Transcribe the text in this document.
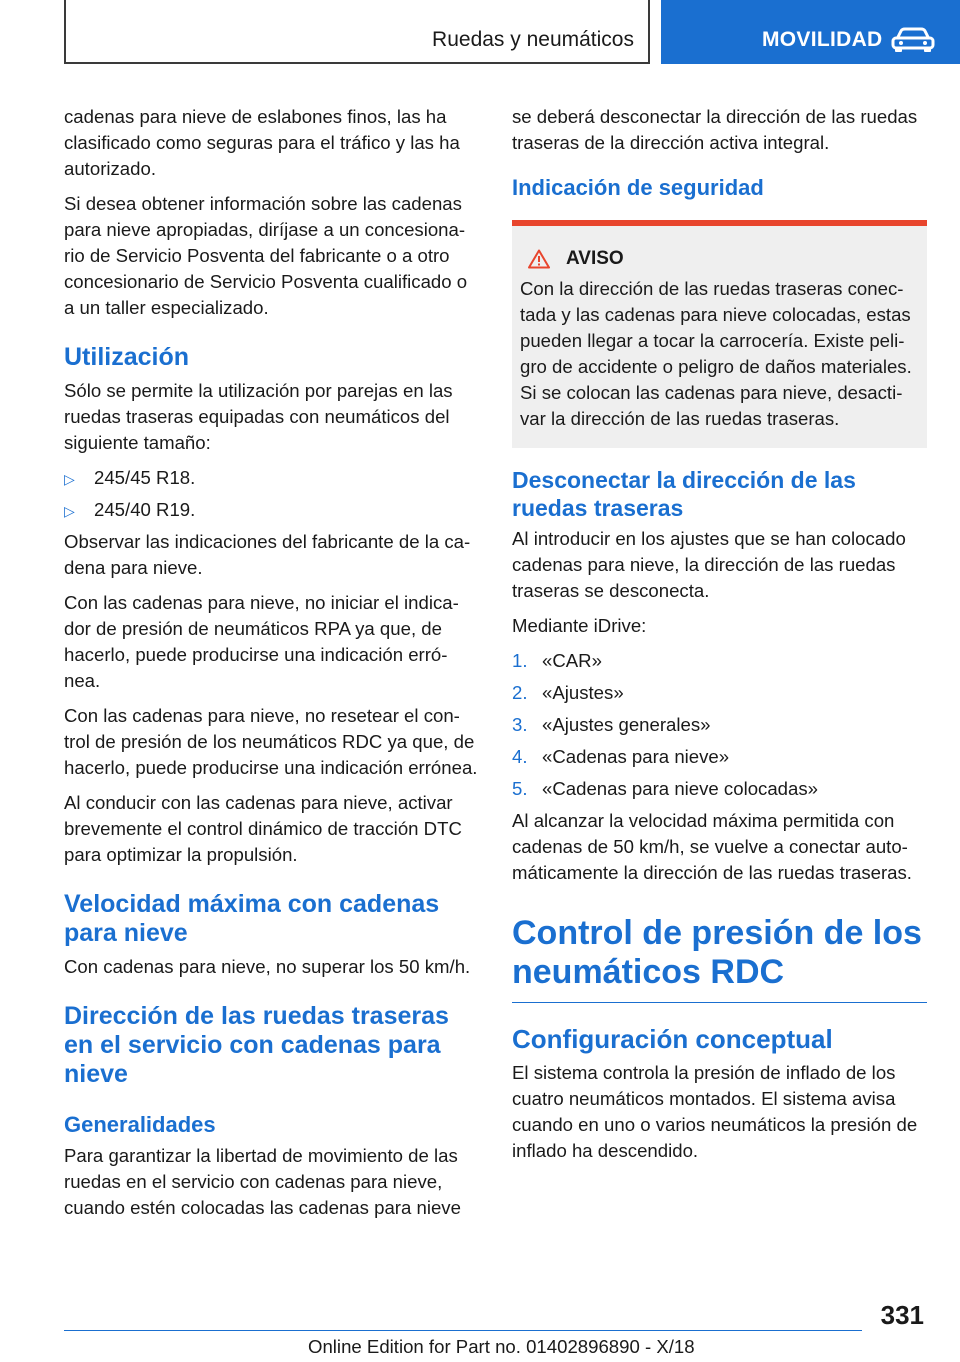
Ruedas y neumáticos	MOVILIDAD

cadenas para nieve de eslabones finos, las ha clasificado como seguras para el tráfico y las ha autorizado.

Si desea obtener información sobre las cadenas para nieve apropiadas, diríjase a un concesiona-rio de Servicio Posventa del fabricante o a otro concesionario de Servicio Posventa cualificado o a un taller especializado.

Utilización

Sólo se permite la utilización por parejas en las ruedas traseras equipadas con neumáticos del siguiente tamaño:

▷ 245/45 R18.
▷ 245/40 R19.

Observar las indicaciones del fabricante de la ca-dena para nieve.

Con las cadenas para nieve, no iniciar el indica-dor de presión de neumáticos RPA ya que, de hacerlo, puede producirse una indicación erró-nea.

Con las cadenas para nieve, no resetear el con-trol de presión de los neumáticos RDC ya que, de hacerlo, puede producirse una indicación errónea.

Al conducir con las cadenas para nieve, activar brevemente el control dinámico de tracción DTC para optimizar la propulsión.

Velocidad máxima con cadenas para nieve

Con cadenas para nieve, no superar los 50 km/h.

Dirección de las ruedas traseras en el servicio con cadenas para nieve
Generalidades

Para garantizar la libertad de movimiento de las ruedas en el servicio con cadenas para nieve, cuando estén colocadas las cadenas para nieve

se deberá desconectar la dirección de las ruedas traseras de la dirección activa integral.

Indicación de seguridad
AVISO

Con la dirección de las ruedas traseras conec-tada y las cadenas para nieve colocadas, estas pueden llegar a tocar la carrocería. Existe peli-gro de accidente o peligro de daños materiales. Si se colocan las cadenas para nieve, desacti-var la dirección de las ruedas traseras.

Desconectar la dirección de las ruedas traseras

Al introducir en los ajustes que se han colocado cadenas para nieve, la dirección de las ruedas traseras se desconecta.

Mediante iDrive:

1. «CAR»
2. «Ajustes»
3. «Ajustes generales»
4. «Cadenas para nieve»
5. «Cadenas para nieve colocadas»

Al alcanzar la velocidad máxima permitida con cadenas de 50 km/h, se vuelve a conectar auto-máticamente la dirección de las ruedas traseras.

Control de presión de los neumáticos RDC
Configuración conceptual

El sistema controla la presión de inflado de los cuatro neumáticos montados. El sistema avisa cuando en uno o varios neumáticos la presión de inflado ha descendido.

331
Online Edition for Part no. 01402896890 - X/18
